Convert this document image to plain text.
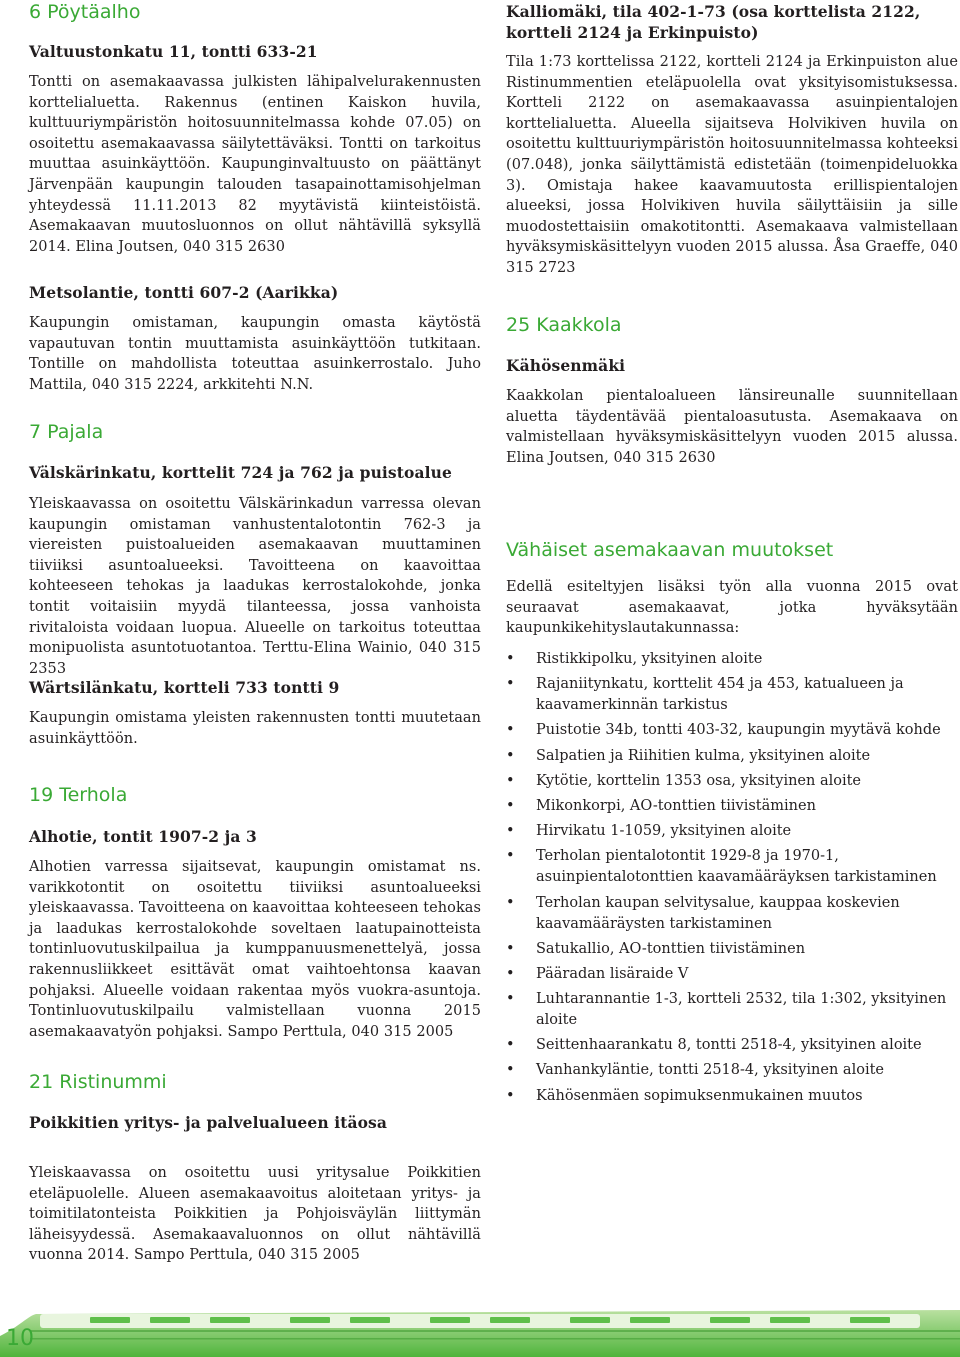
6 Pöytäalho
Valtuustonkatu 11, tontti 633-21

Tontti on asemakaavassa julkisten lähipalvelurakennusten korttelialuetta. Rakennus (entinen Kaiskon huvila, kulttuuriympäristön hoitosuunnitelmassa kohde 07.05) on osoitettu asemakaavassa säilytettäväksi. Tontti on tarkoitus muuttaa asuinkäyttöön. Kaupunginvaltuusto on päättänyt Järvenpään kaupungin talouden tasapainottamisohjelman yhteydessä 11.11.2013 82 myytävistä kiinteistöistä. Asemakaavan muutosluonnos on ollut nähtävillä syksyllä 2014. Elina Joutsen, 040 315 2630

Metsolantie, tontti 607-2 (Aarikka)

Kaupungin omistaman, kaupungin omasta käytöstä vapautuvan tontin muuttamista asuinkäyttöön tutkitaan. Tontille on mahdollista toteuttaa asuinkerrostalo. Juho Mattila, 040 315 2224, arkkitehti N.N.

7 Pajala
Välskärinkatu, korttelit 724 ja 762 ja puistoalue

Yleiskaavassa on osoitettu Välskärinkadun varressa olevan kaupungin omistaman vanhustentalotontin 762-3 ja viereisten puistoalueiden asemakaavan muuttaminen tiiviiksi asuntoalueeksi. Tavoitteena on kaavoittaa kohteeseen tehokas ja laadukas kerrostalokohde, jonka tontit voitaisiin myydä tilanteessa, jossa vanhoista rivitaloista voidaan luopua. Alueelle on tarkoitus toteuttaa monipuolista asuntotuotantoa. Terttu-Elina Wainio, 040 315 2353

Wärtsilänkatu, kortteli 733 tontti 9

Kaupungin omistama yleisten rakennusten tontti muutetaan asuinkäyttöön.

19 Terhola
Alhotie, tontit 1907-2 ja 3

Alhotien varressa sijaitsevat, kaupungin omistamat ns. varikkotontit on osoitettu tiiviiksi asuntoalueeksi yleiskaavassa. Tavoitteena on kaavoittaa kohteeseen tehokas ja laadukas kerrostalokohde soveltaen laatupainotteista tontinluovutuskilpailua ja kumppanuusmenettelyä, jossa rakennusliikkeet esittävät omat vaihtoehtonsa kaavan pohjaksi. Alueelle voidaan rakentaa myös vuokra-asuntoja. Tontinluovutuskilpailu valmistellaan vuonna 2015 asemakaavatyön pohjaksi. Sampo Perttula, 040 315 2005

21 Ristinummi
Poikkitien yritys- ja palvelualueen itäosa

Yleiskaavassa on osoitettu uusi yritysalue Poikkitien eteläpuolelle. Alueen asemakaavoitus aloitetaan yritys- ja toimitilatonteista Poikkitien ja Pohjoisväylän liittymän läheisyydessä. Asemakaavaluonnos on ollut nähtävillä vuonna 2014. Sampo Perttula, 040 315 2005

Kalliomäki, tila 402-1-73 (osa korttelista 2122, kortteli 2124 ja Erkinpuisto)

Tila 1:73 korttelissa 2122, kortteli 2124 ja Erkinpuiston alue Ristinummentien eteläpuolella ovat yksityisomistuksessa. Kortteli 2122 on asemakaavassa asuinpientalojen korttelialuetta. Alueella sijaitseva Holvikiven huvila on osoitettu kulttuuriympäristön hoitosuunnitelmassa kohteeksi (07.048), jonka säilyttämistä edistetään (toimenpideluokka 3). Omistaja hakee kaavamuutosta erillispientalojen alueeksi, jossa Holvikiven huvila säilyttäisiin ja sille muodostettaisiin omakotitontti. Asemakaava valmistellaan hyväksymiskäsittelyyn vuoden 2015 alussa. Åsa Graeffe, 040 315 2723

25 Kaakkola
Kähösenmäki

Kaakkolan pientaloalueen länsireunalle suunnitellaan aluetta täydentävää pientaloasutusta. Asemakaava on valmistellaan hyväksymiskäsittelyyn vuoden 2015 alussa. Elina Joutsen, 040 315 2630

Vähäiset asemakaavan muutokset

Edellä esiteltyjen lisäksi työn alla vuonna 2015 ovat seuraavat asemakaavat, jotka hyväksytään kaupunkikehityslautakunnassa:

• Ristikkipolku, yksityinen aloite
• Rajaniitynkatu, korttelit 454 ja 453, katualueen ja kaavamerkinnän tarkistus
• Puistotie 34b, tontti 403-32, kaupungin myytävä kohde
• Salpatien ja Riihitien kulma, yksityinen aloite
• Kytötie, korttelin 1353 osa, yksityinen aloite
• Mikonkorpi, AO-tonttien tiivistäminen
• Hirvikatu 1-1059, yksityinen aloite
• Terholan pientalotontit 1929-8 ja 1970-1, asuinpientalotonttien kaavamääräyksen tarkistaminen
• Terholan kaupan selvitysalue, kauppaa koskevien kaavamääräysten tarkistaminen
• Satukallio, AO-tonttien tiivistäminen
• Pääradan lisäraide V
• Luhtarannantie 1-3, kortteli 2532, tila 1:302, yksityinen aloite
• Seittenhaarankatu 8, tontti 2518-4, yksityinen aloite
• Vanhankyläntie, tontti 2518-4, yksityinen aloite
• Kähösenmäen sopimuksenmukainen muutos
10
